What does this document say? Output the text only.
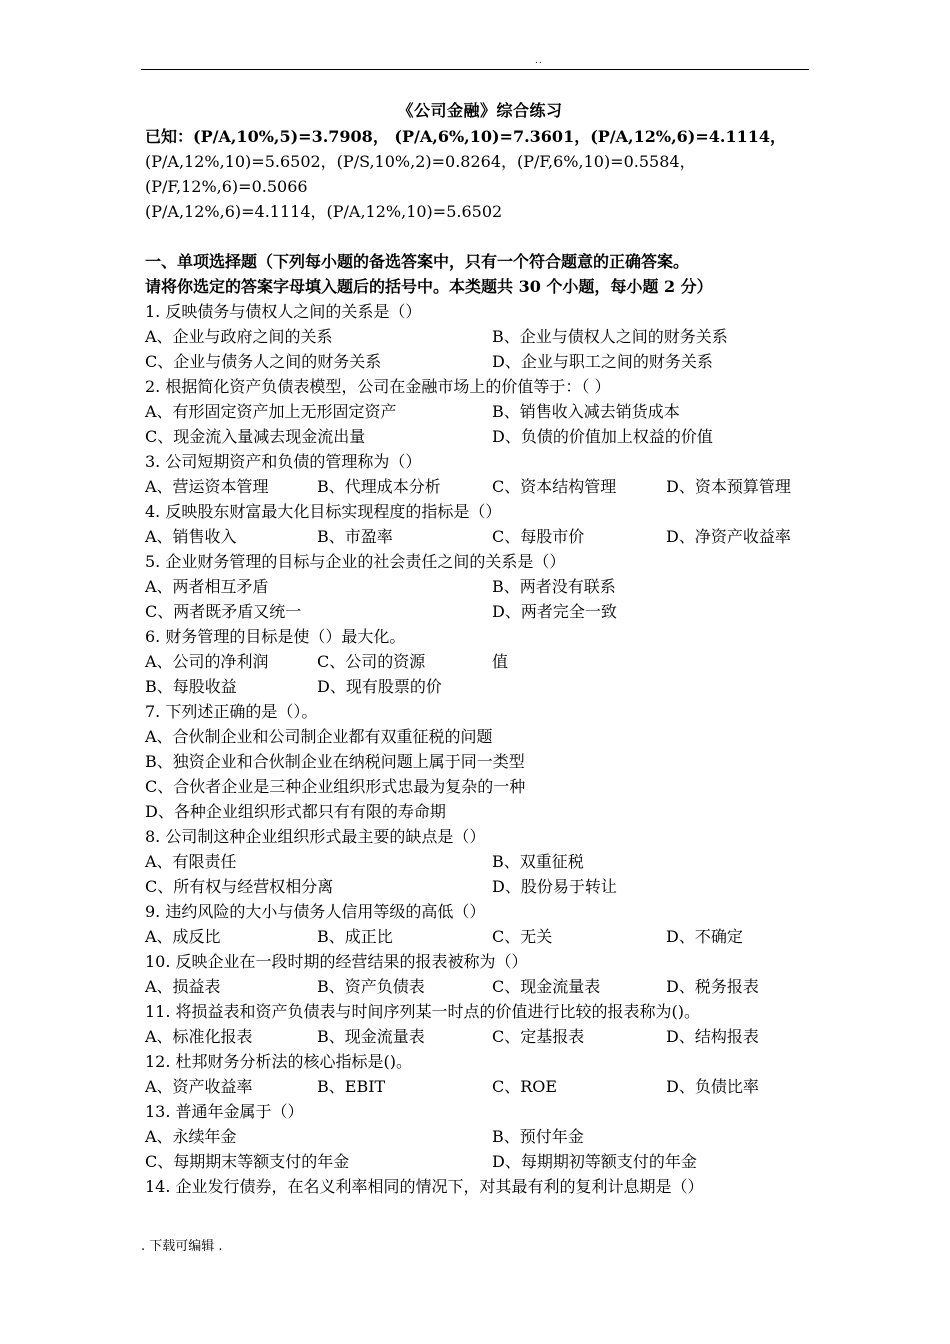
..
《公司金融》综合练习
已知：(P/A,10%,5)=3.7908， (P/A,6%,10)=7.3601，(P/A,12%,6)=4.1114，
(P/A,12%,10)=5.6502，(P/S,10%,2)=0.8264，(P/F,6%,10)=0.5584，
(P/F,12%,6)=0.5066
(P/A,12%,6)=4.1114，(P/A,12%,10)=5.6502
一、单项选择题（下列每小题的备选答案中，只有一个符合题意的正确答案。
请将你选定的答案字母填入题后的括号中。本类题共 30 个小题，每小题 2 分）
1. 反映债务与债权人之间的关系是（）
A、企业与政府之间的关系	B、企业与债权人之间的财务关系
C、企业与债务人之间的财务关系	D、企业与职工之间的财务关系
2. 根据简化资产负债表模型，公司在金融市场上的价值等于：（ ）
A、有形固定资产加上无形固定资产	B、销售收入减去销货成本
C、现金流入量减去现金流出量	D、负债的价值加上权益的价值
3. 公司短期资产和负债的管理称为（）
A、营运资本管理	B、代理成本分析	C、资本结构管理	D、资本预算管理
4. 反映股东财富最大化目标实现程度的指标是（）
A、销售收入	B、市盈率	C、每股市价	D、净资产收益率
5. 企业财务管理的目标与企业的社会责任之间的关系是（）
A、两者相互矛盾	B、两者没有联系
C、两者既矛盾又统一	D、两者完全一致
6. 财务管理的目标是使（）最大化。
A、公司的净利润	C、公司的资源	值
B、每股收益	D、现有股票的价
7. 下列述正确的是（）。
A、合伙制企业和公司制企业都有双重征税的问题
B、独资企业和合伙制企业在纳税问题上属于同一类型
C、合伙者企业是三种企业组织形式忠最为复杂的一种
D、各种企业组织形式都只有有限的寿命期
8. 公司制这种企业组织形式最主要的缺点是（）
A、有限责任	B、双重征税
C、所有权与经营权相分离	D、股份易于转让
9. 违约风险的大小与债务人信用等级的高低（）
A、成反比	B、成正比	C、无关	D、不确定
10. 反映企业在一段时期的经营结果的报表被称为（）
A、损益表	B、资产负债表	C、现金流量表	D、税务报表
11. 将损益表和资产负债表与时间序列某一时点的价值进行比较的报表称为()。
A、标准化报表	B、现金流量表	C、定基报表	D、结构报表
12. 杜邦财务分析法的核心指标是()。
A、资产收益率	B、EBIT	C、ROE	D、负债比率
13. 普通年金属于（）
A、永续年金	B、预付年金
C、每期期末等额支付的年金	D、每期期初等额支付的年金
14. 企业发行债券，在名义利率相同的情况下，对其最有利的复利计息期是（）
. 下载可编辑 .
